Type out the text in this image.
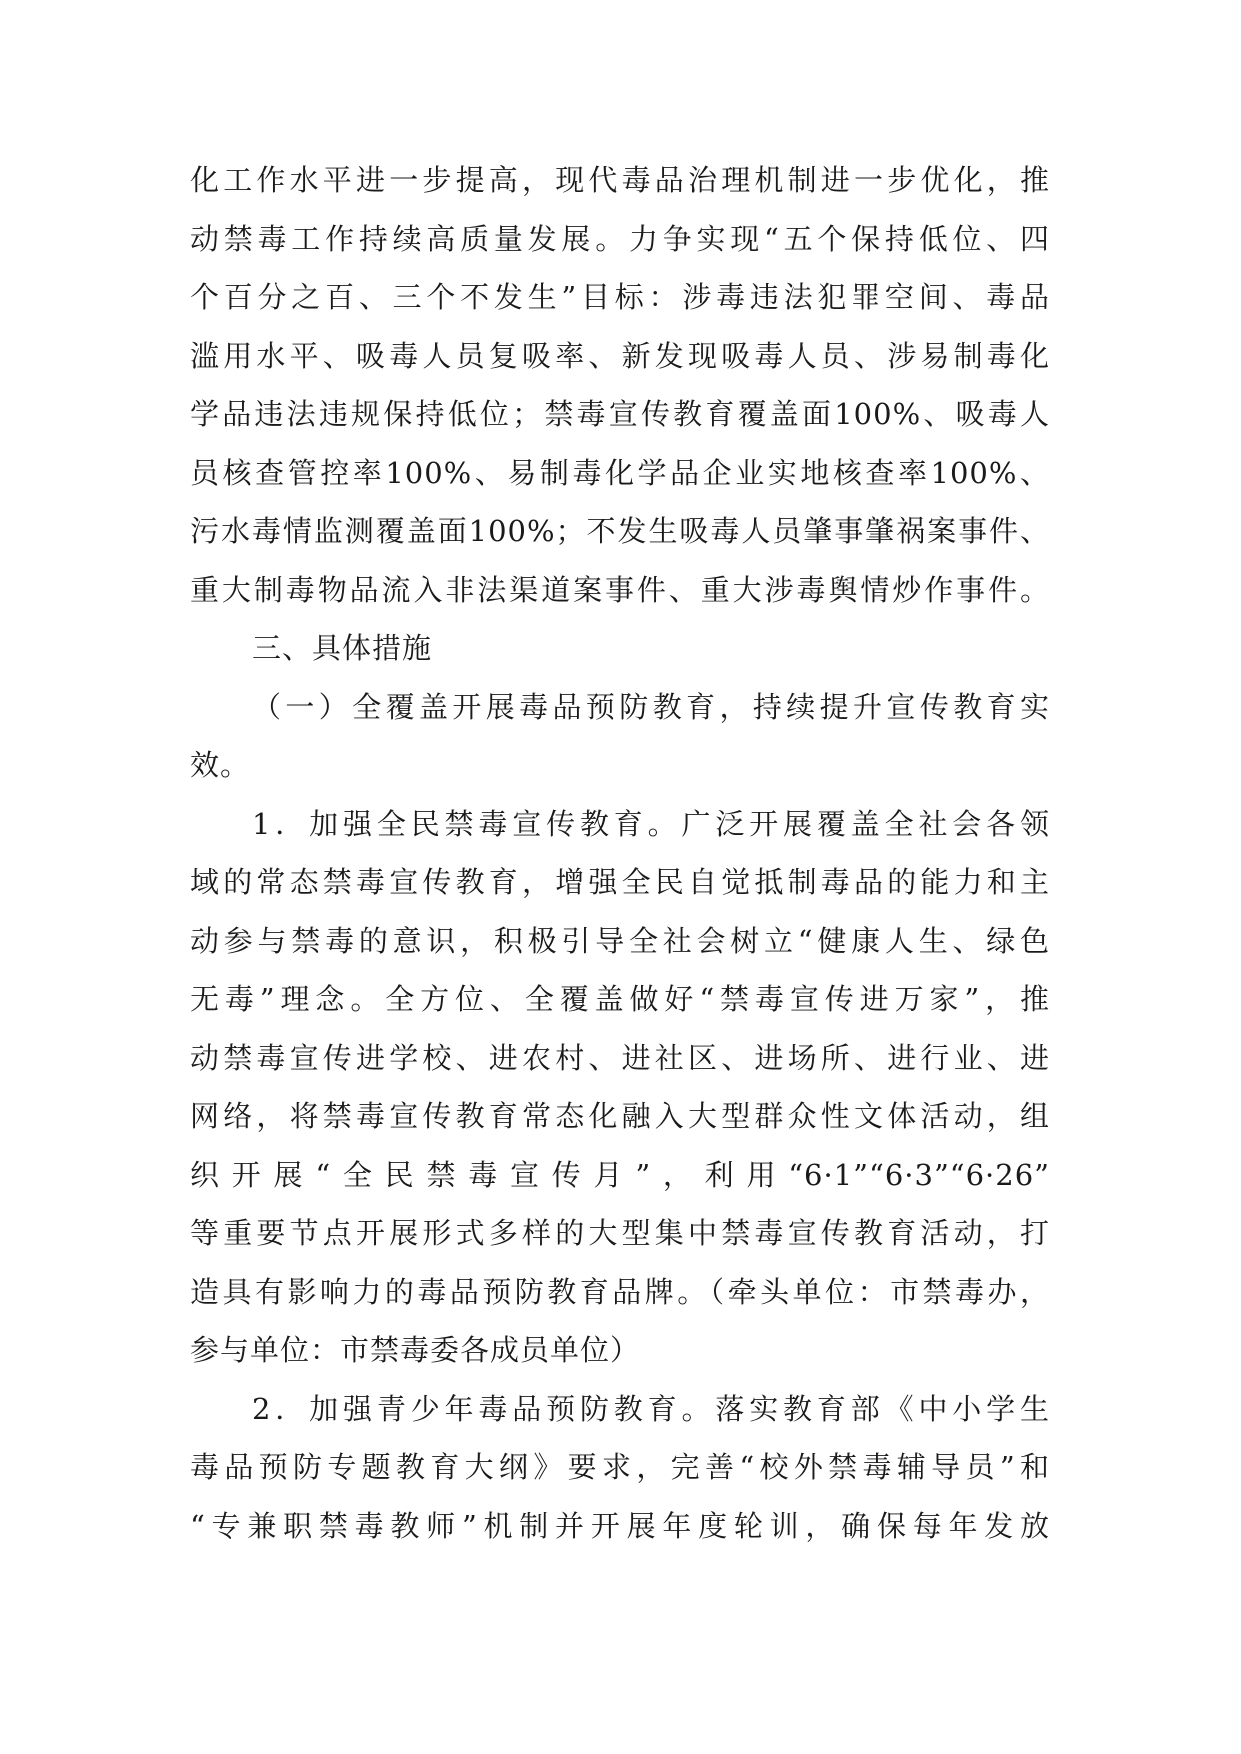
化工作水平进一步提高，现代毒品治理机制进一步优化，推
动禁毒工作持续高质量发展。力争实现“五个保持低位、四
个百分之百、三个不发生”目标：涉毒违法犯罪空间、毒品
滥用水平、吸毒人员复吸率、新发现吸毒人员、涉易制毒化
学品违法违规保持低位；禁毒宣传教育覆盖面100%、吸毒人
员核查管控率100%、易制毒化学品企业实地核查率100%、
污水毒情监测覆盖面100%；不发生吸毒人员肇事肇祸案事件、
重大制毒物品流入非法渠道案事件、重大涉毒舆情炒作事件。
三、具体措施
（一）全覆盖开展毒品预防教育，持续提升宣传教育实
效。
1．加强全民禁毒宣传教育。广泛开展覆盖全社会各领
域的常态禁毒宣传教育，增强全民自觉抵制毒品的能力和主
动参与禁毒的意识，积极引导全社会树立“健康人生、绿色
无毒”理念。全方位、全覆盖做好“禁毒宣传进万家”，推
动禁毒宣传进学校、进农村、进社区、进场所、进行业、进
网络，将禁毒宣传教育常态化融入大型群众性文体活动，组
织开展“全民禁毒宣传月”，利用“6·1”“6·3”“6·26”
等重要节点开展形式多样的大型集中禁毒宣传教育活动，打
造具有影响力的毒品预防教育品牌。（牵头单位：市禁毒办，
参与单位：市禁毒委各成员单位）
2．加强青少年毒品预防教育。落实教育部《中小学生
毒品预防专题教育大纲》要求，完善“校外禁毒辅导员”和
“专兼职禁毒教师”机制并开展年度轮训，确保每年发放
